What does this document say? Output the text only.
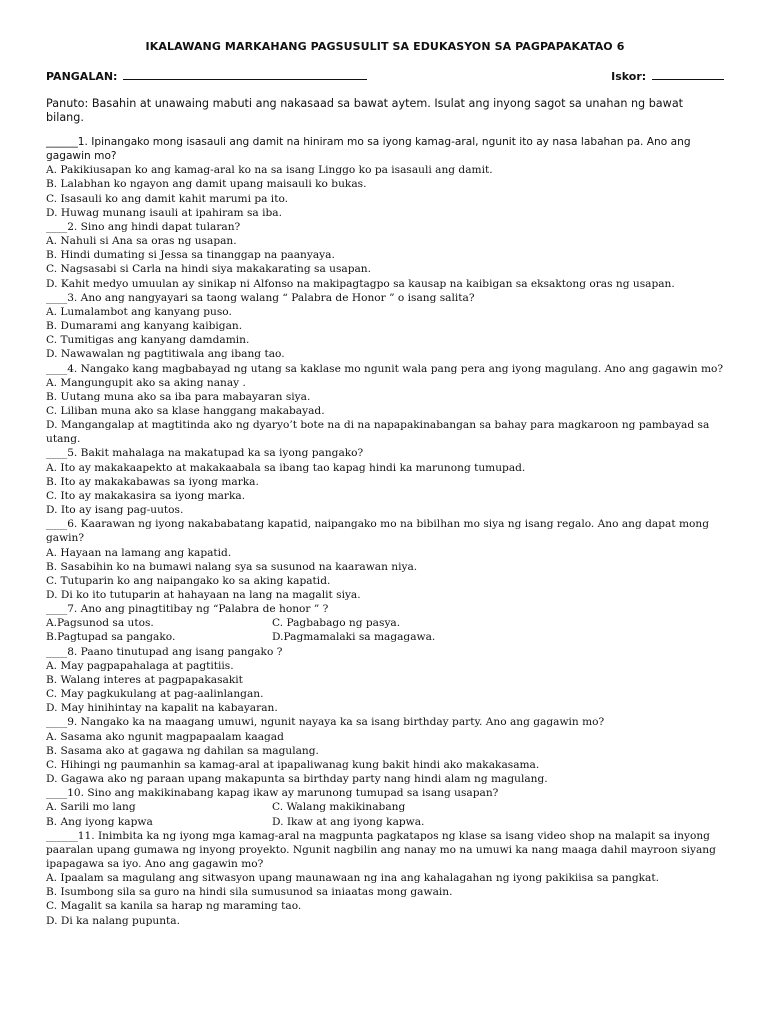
IKALAWANG MARKAHANG PAGSUSULIT SA EDUKASYON SA PAGPAPAKATAO 6
PANGALAN:	Iskor:
Panuto: Basahin at unawaing mabuti ang nakasaad sa bawat aytem. Isulat ang inyong sagot sa unahan ng bawat bilang.
______1. Ipinangako mong isasauli ang damit na hiniram mo sa iyong kamag-aral, ngunit ito ay nasa labahan pa. Ano ang gagawin mo?
A. Pakikiusapan ko ang kamag-aral ko na sa isang Linggo ko pa isasauli ang damit.
B. Lalabhan ko ngayon ang damit upang maisauli ko bukas.
C. Isasauli ko ang damit kahit marumi pa ito.
D. Huwag munang isauli at ipahiram sa iba.
____2. Sino ang hindi dapat tularan?
A. Nahuli si Ana sa oras ng usapan.
B. Hindi dumating si Jessa sa tinanggap na paanyaya.
C. Nagsasabi si Carla na hindi siya makakarating sa usapan.
D. Kahit medyo umuulan ay sinikap ni Alfonso na makipagtagpo sa kausap na kaibigan sa eksaktong oras ng usapan.
____3. Ano ang nangyayari sa taong walang “ Palabra de Honor ” o isang salita?
A. Lumalambot ang kanyang puso.
B. Dumarami ang kanyang kaibigan.
C. Tumitigas ang kanyang damdamin.
D. Nawawalan ng pagtitiwala ang ibang tao.
____4. Nangako kang magbabayad ng utang sa kaklase mo ngunit wala pang pera ang iyong magulang. Ano ang gagawin mo?
A. Mangungupit ako sa aking nanay .
B. Uutang muna ako sa iba para mabayaran siya.
C. Liliban muna ako sa klase hanggang makabayad.
D. Mangangalap at magtitinda ako ng dyaryo’t bote na di na napapakinabangan sa bahay para magkaroon ng pambayad sa utang.
____5. Bakit mahalaga na makatupad ka sa iyong pangako?
A. Ito ay makakaapekto at makakaabala sa ibang tao kapag hindi ka marunong tumupad.
B. Ito ay makakabawas sa iyong marka.
C. Ito ay makakasira sa iyong marka.
D. Ito ay isang pag-uutos.
____6. Kaarawan ng iyong nakababatang kapatid, naipangako mo na bibilhan mo siya ng isang regalo. Ano ang dapat mong gawin?
A. Hayaan na lamang ang kapatid.
B. Sasabihin ko na bumawi nalang sya sa susunod na kaarawan niya.
C. Tutuparin ko ang naipangako ko sa aking kapatid.
D. Di ko ito tutuparin at hahayaan na lang na magalit siya.
____7. Ano ang pinagtitibay ng “Palabra de honor ” ?
A.Pagsunod sa utos.	C. Pagbabago ng pasya.
B.Pagtupad sa pangako.	D.Pagmamalaki sa magagawa.
____8. Paano tinutupad ang isang pangako ?
A. May pagpapahalaga at pagtitiis.
B. Walang interes at pagpapakasakit
C. May pagkukulang at pag-aalinlangan.
D. May hinihintay na kapalit na kabayaran.
____9. Nangako ka na maagang umuwi, ngunit nayaya ka sa isang birthday party. Ano ang gagawin mo?
A. Sasama ako ngunit magpapaalam kaagad
B. Sasama ako at gagawa ng dahilan sa magulang.
C. Hihingi ng paumanhin sa kamag-aral at ipapaliwanag kung bakit hindi ako makakasama.
D. Gagawa ako ng paraan upang makapunta sa birthday party nang hindi alam ng magulang.
____10. Sino ang makikinabang kapag ikaw ay marunong tumupad sa isang usapan?
A. Sarili mo lang	C. Walang makikinabang
B. Ang iyong kapwa	D. Ikaw at ang iyong kapwa.
______11. Inimbita ka ng iyong mga kamag-aral na magpunta pagkatapos ng klase sa isang video shop na malapit sa inyong paaralan upang gumawa ng inyong proyekto. Ngunit nagbilin ang nanay mo na umuwi ka nang maaga dahil mayroon siyang ipapagawa sa iyo. Ano ang gagawin mo?
A. Ipaalam sa magulang ang sitwasyon upang maunawaan ng ina ang kahalagahan ng iyong pakikiisa sa pangkat.
B. Isumbong sila sa guro na hindi sila sumusunod sa iniaatas mong gawain.
C. Magalit sa kanila sa harap ng maraming tao.
D. Di ka nalang pupunta.
